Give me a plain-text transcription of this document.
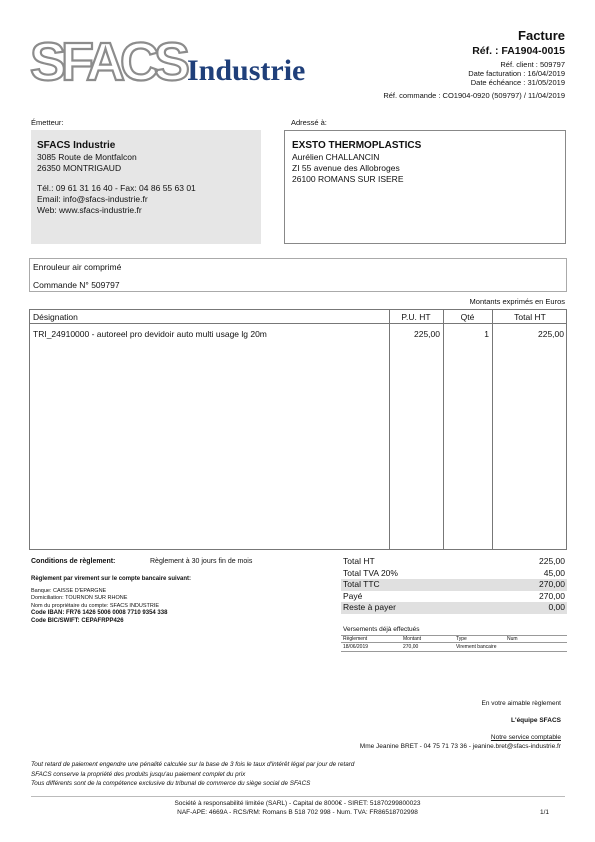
SFACS Industrie
Facture
Réf. : FA1904-0015
Réf. client : 509797
Date facturation : 16/04/2019
Date échéance : 31/05/2019
Réf. commande : CO1904-0920 (509797) / 11/04/2019
Émetteur:	Adressé à:
SFACS Industrie
3085 Route de Montfalcon
26350 MONTRIGAUD
Tél.: 09 61 31 16 40 - Fax: 04 86 55 63 01
Email: info@sfacs-industrie.fr
Web: www.sfacs-industrie.fr
EXSTO THERMOPLASTICS
Aurélien CHALLANCIN
ZI 55 avenue des Allobroges
26100 ROMANS SUR ISERE
Enrouleur air comprimé
Commande N° 509797
Montants exprimés en Euros
Désignation	P.U. HT	Qté	Total HT
TRI_24910000 - autoreel pro devidoir auto multi usage lg 20m	225,00	1	225,00
Conditions de règlement:	Règlement à 30 jours fin de mois
Règlement par virement sur le compte bancaire suivant:
Banque: CAISSE D'EPARGNE
Domiciliation: TOURNON SUR RHONE
Nom du propriétaire du compte: SFACS INDUSTRIE
Code IBAN: FR76 1426 5006 0008 7710 9354 338
Code BIC/SWIFT: CEPAFRPP426
Total HT	225,00
Total TVA 20%	45,00
Total TTC	270,00
Payé	270,00
Reste à payer	0,00
Versements déjà effectués
Règlement	Montant	Type	Num
18/06/2019	270,00	Virement bancaire
En votre aimable règlement
L'équipe SFACS
Notre service comptable
Mme Jeanine BRET - 04 75 71 73 36 - jeanine.bret@sfacs-industrie.fr
Tout retard de paiement engendre une pénalité calculée sur la base de 3 fois le taux d'intérêt légal par jour de retard
SFACS conserve la propriété des produits jusqu'au paiement complet du prix
Tous différents sont de la compétence exclusive du tribunal de commerce du siège social de SFACS
Société à responsabilité limitée (SARL) - Capital de 8000€ - SIRET: 51870299800023
NAF-APE: 4669A - RCS/RM: Romans B 518 702 998 - Num. TVA: FR86518702998	1/1
